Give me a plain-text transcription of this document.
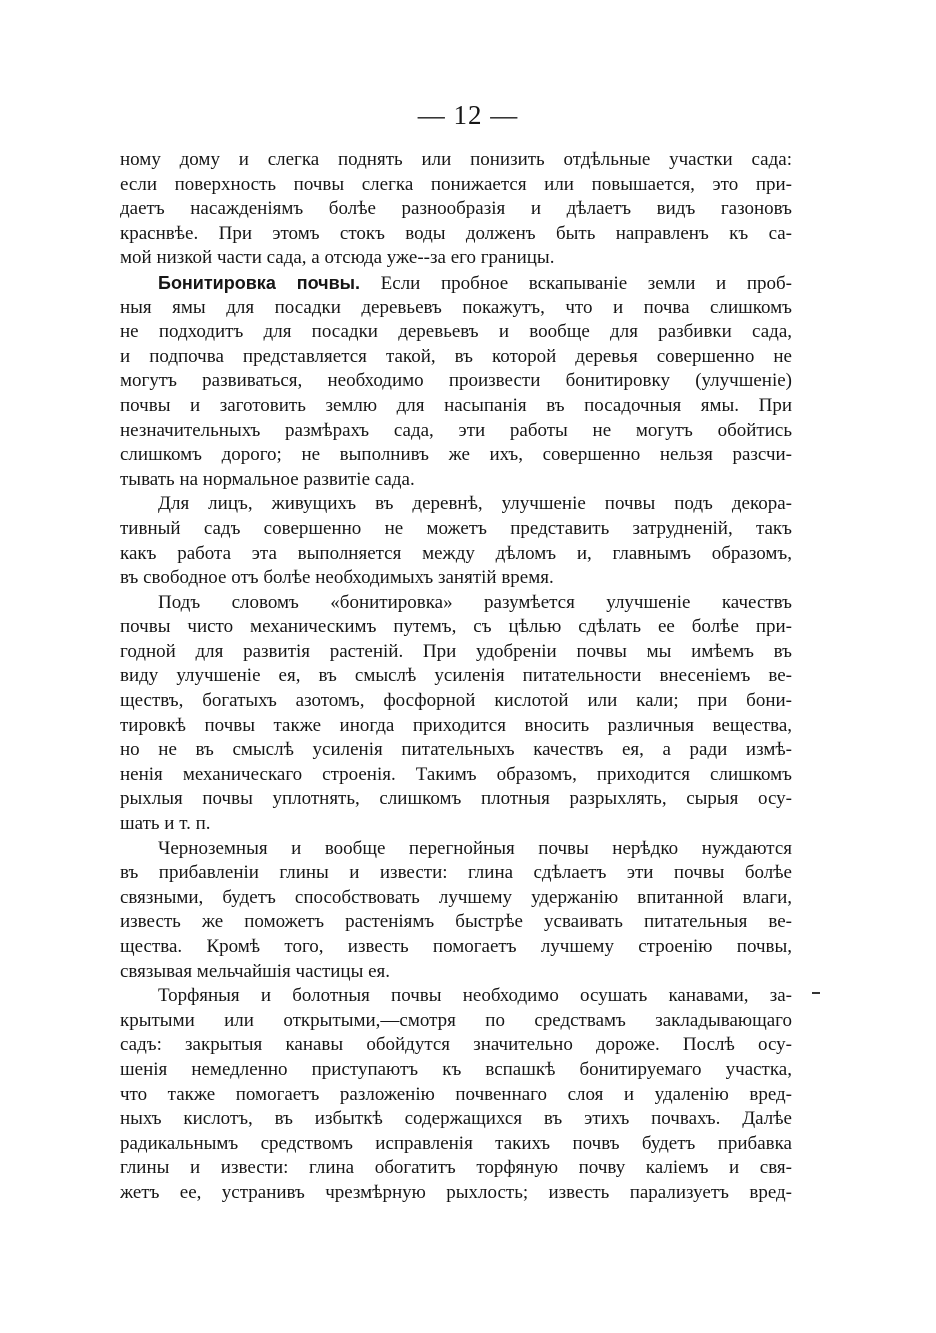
— 12 —
ному дому и слегка поднять или понизить отдѣльные участки сада:
если поверхность почвы слегка понижается или повышается, это при-
даетъ насажденiямъ болѣе разнообразiя и дѣлаетъ видъ газоновъ
краснвѣе. При этомъ стокъ воды долженъ быть направленъ къ са-
мой низкой части сада, а отсюда уже--за его границы.
Бонитировка почвы. Если пробное вскапыванiе земли и проб-
ныя ямы для посадки деревьевъ покажутъ, что и почва слишкомъ
не подходитъ для посадки деревьевъ и вообще для разбивки сада,
и подпочва представляется такой, въ которой деревья совершенно не
могутъ развиваться, необходимо произвести бонитировку (улучшенiе)
почвы и заготовить землю для насыпанiя въ посадочныя ямы. При
незначительныхъ размѣрахъ сада, эти работы не могутъ обойтись
слишкомъ дорого; не выполнивъ же ихъ, совершенно нельзя разсчи-
тывать на нормальное развитiе сада.
Для лицъ, живущихъ въ деревнѣ, улучшенiе почвы подъ декора-
тивный садъ совершенно не можетъ представить затрудненiй, такъ
какъ работа эта выполняется между дѣломъ и, главнымъ образомъ,
въ свободное отъ болѣе необходимыхъ занятiй время.
Подъ словомъ «бонитировка» разумѣется улучшенiе качествъ
почвы чисто механическимъ путемъ, съ цѣлью сдѣлать ее болѣе при-
годной для развитiя растенiй. При удобренiи почвы мы имѣемъ въ
виду улучшенiе ея, въ смыслѣ усиленiя питательности внесенiемъ ве-
ществъ, богатыхъ азотомъ, фосфорной кислотой или кали; при бони-
тировкѣ почвы также иногда приходится вносить различныя вещества,
но не въ смыслѣ усиленiя питательныхъ качествъ ея, а ради измѣ-
ненiя механическаго строенiя. Такимъ образомъ, приходится слишкомъ
рыхлыя почвы уплотнять, слишкомъ плотныя разрыхлять, сырыя осу-
шать и т. п.
Черноземныя и вообще перегнойныя почвы нерѣдко нуждаются
въ прибавленiи глины и извести: глина сдѣлаетъ эти почвы болѣе
связными, будетъ способствовать лучшему удержанiю впитанной влаги,
известь же поможетъ растенiямъ быстрѣе усваивать питательныя ве-
щества. Кромѣ того, известь помогаетъ лучшему строенiю почвы,
связывая мельчайшiя частицы ея.
Торфяныя и болотныя почвы необходимо осушать канавами, за-
крытыми или открытыми,—смотря по средствамъ закладывающаго
садъ: закрытыя канавы обойдутся значительно дороже. Послѣ осу-
шенiя немедленно приступаютъ къ вспашкѣ бонитируемаго участка,
что также помогаетъ разложенiю почвеннаго слоя и удаленiю вред-
ныхъ кислотъ, въ избыткѣ содержащихся въ этихъ почвахъ. Далѣе
радикальнымъ средствомъ исправленiя такихъ почвъ будетъ прибавка
глины и извести: глина обогатитъ торфяную почву калiемъ и свя-
жетъ ее, устранивъ чрезмѣрную рыхлость; известь парализуетъ вред-
